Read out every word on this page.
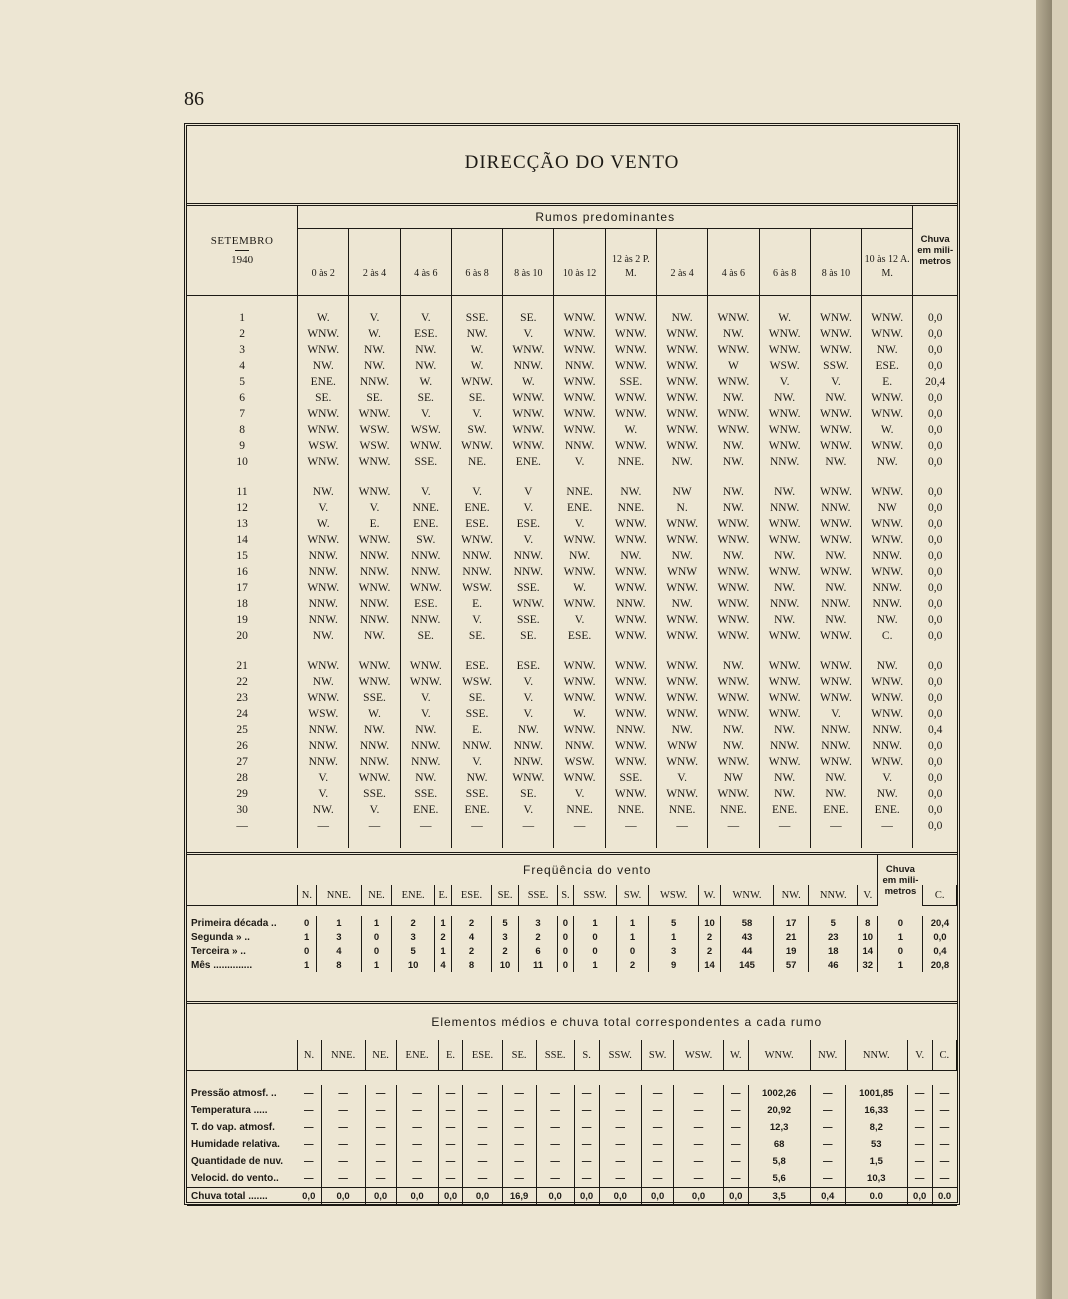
86
DIRECÇÃO DO VENTO
SETEMBRO
1940	Rumos predominantes												Chuva em mili- metros
	0 às 2	2 às 4	4 às 6	6 às 8	8 às 10	10 às 12	12 às 2 P. M.	2 às 4	4 às 6	6 às 8	8 às 10	10 às 12 A. M.	

1	W.	V.	V.	SSE.	SE.	WNW.	WNW.	NW.	WNW.	W.	WNW.	WNW.	0,0
2	WNW.	W.	ESE.	NW.	V.	WNW.	WNW.	WNW.	NW.	WNW.	WNW.	WNW.	0,0
3	WNW.	NW.	NW.	W.	WNW.	WNW.	WNW.	WNW.	WNW.	WNW.	WNW.	NW.	0,0
4	NW.	NW.	NW.	W.	NNW.	NNW.	WNW.	WNW.	W	WSW.	SSW.	ESE.	0,0
5	ENE.	NNW.	W.	WNW.	W.	WNW.	SSE.	WNW.	WNW.	V.	V.	E.	20,4
6	SE.	SE.	SE.	SE.	WNW.	WNW.	WNW.	WNW.	NW.	NW.	NW.	WNW.	0,0
7	WNW.	WNW.	V.	V.	WNW.	WNW.	WNW.	WNW.	WNW.	WNW.	WNW.	WNW.	0,0
8	WNW.	WSW.	WSW.	SW.	WNW.	WNW.	W.	WNW.	WNW.	WNW.	WNW.	W.	0,0
9	WSW.	WSW.	WNW.	WNW.	WNW.	NNW.	WNW.	WNW.	NW.	WNW.	WNW.	WNW.	0,0
10	WNW.	WNW.	SSE.	NE.	ENE.	V.	NNE.	NW.	NW.	NNW.	NW.	NW.	0,0

11	NW.	WNW.	V.	V.	V	NNE.	NW.	NW	NW.	NW.	WNW.	WNW.	0,0
12	V.	V.	NNE.	ENE.	V.	ENE.	NNE.	N.	NW.	NNW.	NNW.	NW	0,0
13	W.	E.	ENE.	ESE.	ESE.	V.	WNW.	WNW.	WNW.	WNW.	WNW.	WNW.	0,0
14	WNW.	WNW.	SW.	WNW.	V.	WNW.	WNW.	WNW.	WNW.	WNW.	WNW.	WNW.	0,0
15	NNW.	NNW.	NNW.	NNW.	NNW.	NW.	NW.	NW.	NW.	NW.	NW.	NNW.	0,0
16	NNW.	NNW.	NNW.	NNW.	NNW.	WNW.	WNW.	WNW	WNW.	WNW.	WNW.	WNW.	0,0
17	WNW.	WNW.	WNW.	WSW.	SSE.	W.	WNW.	WNW.	WNW.	NW.	NW.	NNW.	0,0
18	NNW.	NNW.	ESE.	E.	WNW.	WNW.	NNW.	NW.	WNW.	NNW.	NNW.	NNW.	0,0
19	NNW.	NNW.	NNW.	V.	SSE.	V.	WNW.	WNW.	WNW.	NW.	NW.	NW.	0,0
20	NW.	NW.	SE.	SE.	SE.	ESE.	WNW.	WNW.	WNW.	WNW.	WNW.	C.	0,0

21	WNW.	WNW.	WNW.	ESE.	ESE.	WNW.	WNW.	WNW.	NW.	WNW.	WNW.	NW.	0,0
22	NW.	WNW.	WNW.	WSW.	V.	WNW.	WNW.	WNW.	WNW.	WNW.	WNW.	WNW.	0,0
23	WNW.	SSE.	V.	SE.	V.	WNW.	WNW.	WNW.	WNW.	WNW.	WNW.	WNW.	0,0
24	WSW.	W.	V.	SSE.	V.	W.	WNW.	WNW.	WNW.	WNW.	V.	WNW.	0,0
25	NNW.	NW.	NW.	E.	NW.	WNW.	NNW.	NW.	NW.	NW.	NNW.	NNW.	0,4
26	NNW.	NNW.	NNW.	NNW.	NNW.	NNW.	WNW.	WNW	NW.	NNW.	NNW.	NNW.	0,0
27	NNW.	NNW.	NNW.	V.	NNW.	WSW.	WNW.	WNW.	WNW.	WNW.	WNW.	WNW.	0,0
28	V.	WNW.	NW.	NW.	WNW.	WNW.	SSE.	V.	NW	NW.	NW.	V.	0,0
29	V.	SSE.	SSE.	SSE.	SE.	V.	WNW.	WNW.	WNW.	NW.	NW.	NW.	0,0
30	NW.	V.	ENE.	ENE.	V.	NNE.	NNE.	NNE.	NNE.	ENE.	ENE.	ENE.	0,0
—	—	—	—	—	—	—	—	—	—	—	—	—	0,0

	Freqüência do vento																	Chuva em mili- metros	
	N.	NNE.	NE.	ENE.	E.	ESE.	SE.	SSE.	S.	SSW.	SW.	WSW.	W.	WNW.	NW.	NNW.	V.		C.

Primeira década ..	0	1	1	2	1	2	5	3	0	1	1	5	10	58	17	5	8	0	20,4
Segunda » ..	1	3	0	3	2	4	3	2	0	0	1	1	2	43	21	23	10	1	0,0
Terceira » ..	0	4	0	5	1	2	2	6	0	0	0	3	2	44	19	18	14	0	0,4
Mês ..............	1	8	1	10	4	8	10	11	0	1	2	9	14	145	57	46	32	1	20,8
	Elementos médios e chuva total correspondentes a cada rumo																	
	N.	NNE.	NE.	ENE.	E.	ESE.	SE.	SSE.	S.	SSW.	SW.	WSW.	W.	WNW.	NW.	NNW.	V.	C.

Pressão atmosf. ..	—	—	—	—	—	—	—	—	—	—	—	—	—	1002,26	—	1001,85	—	—
Temperatura .....	—	—	—	—	—	—	—	—	—	—	—	—	—	20,92	—	16,33	—	—
T. do vap. atmosf.	—	—	—	—	—	—	—	—	—	—	—	—	—	12,3	—	8,2	—	—
Humidade relativa.	—	—	—	—	—	—	—	—	—	—	—	—	—	68	—	53	—	—
Quantidade de nuv.	—	—	—	—	—	—	—	—	—	—	—	—	—	5,8	—	1,5	—	—
Velocid. do vento..	—	—	—	—	—	—	—	—	—	—	—	—	—	5,6	—	10,3	—	—
Chuva total .......	0,0	0,0	0,0	0,0	0,0	0,0	16,9	0,0	0,0	0,0	0,0	0,0	0,0	3,5	0,4	0.0	0,0	0.0
